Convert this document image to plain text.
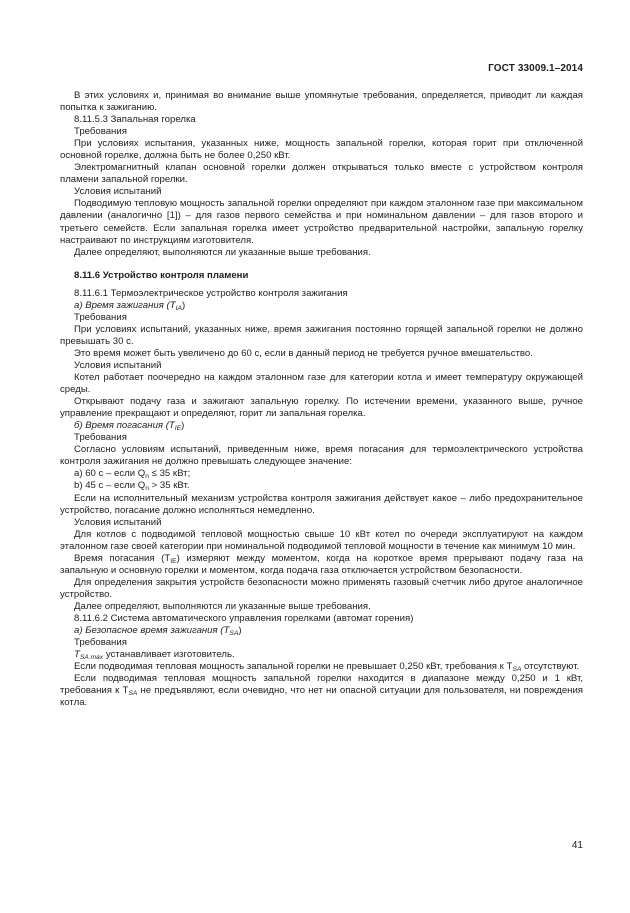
ГОСТ 33009.1–2014

В этих условиях и, принимая во внимание выше упомянутые требования, определяется, приводит ли каждая попытка к зажиганию.

8.11.5.3 Запальная горелка

Требования

При условиях испытания, указанных ниже, мощность запальной горелки, которая горит при отключенной основной горелке, должна быть не более 0,250 кВт.

Электромагнитный клапан основной горелки должен открываться только вместе с устройством контроля пламени запальной горелки.

Условия испытаний

Подводимую тепловую мощность запальной горелки определяют при каждом эталонном газе при максимальном давлении (аналогично [1]) – для газов первого семейства и при номинальном давлении – для газов второго и третьего семейств. Если запальная горелка имеет устройство предварительной настройки, запальную горелку настраивают по инструкциям изготовителя.

Далее определяют, выполняются ли указанные выше требования.

8.11.6 Устройство контроля пламени

8.11.6.1 Термоэлектрическое устройство контроля зажигания

а) Время зажигания $(T_{IA})$

Требования

При условиях испытаний, указанных ниже, время зажигания постоянно горящей запальной горелки не должно превышать 30 с.

Это время может быть увеличено до 60 с, если в данный период не требуется ручное вмешательство.

Условия испытаний

Котел работает поочередно на каждом эталонном газе для категории котла и имеет температуру окружающей среды.

Открывают подачу газа и зажигают запальную горелку. По истечении времени, указанного выше, ручное управление прекращают и определяют, горит ли запальная горелка.

б) Время погасания $(T_{IE})$

Требования

Согласно условиям испытаний, приведенным ниже, время погасания для термоэлектрического устройства контроля зажигания не должно превышать следующее значение:

а) 60 с – если $Q_n \le 35$ кВт;

b) 45 с – если $Q_n > 35$ кВт.

Если на исполнительный механизм устройства контроля зажигания действует какое – либо предохранительное устройство, погасание должно исполняться немедленно.

Условия испытаний

Для котлов с подводимой тепловой мощностью свыше 10 кВт котел по очереди эксплуатируют на каждом эталонном газе своей категории при номинальной подводимой тепловой мощности в течение как минимум 10 мин.

Время погасания $(T_{IE})$ измеряют между моментом, когда на короткое время прерывают подачу газа на запальную и основную горелки и моментом, когда подача газа отключается устройством безопасности.

Для определения закрытия устройств безопасности можно применять газовый счетчик либо другое аналогичное устройство.

Далее определяют, выполняются ли указанные выше требования.

8.11.6.2 Система автоматического управления горелками (автомат горения)

а) Безопасное время зажигания $(T_{SA})$

Требования

$T_{SA max}$ устанавливает изготовитель.

Если подводимая тепловая мощность запальной горелки не превышает 0,250 кВт, требования к $T_{SA}$ отсутствуют.

Если подводимая тепловая мощность запальной горелки находится в диапазоне между 0,250 и 1 кВт, требования к $T_{SA}$ не предъявляют, если очевидно, что нет ни опасной ситуации для пользователя, ни повреждения котла.

41
